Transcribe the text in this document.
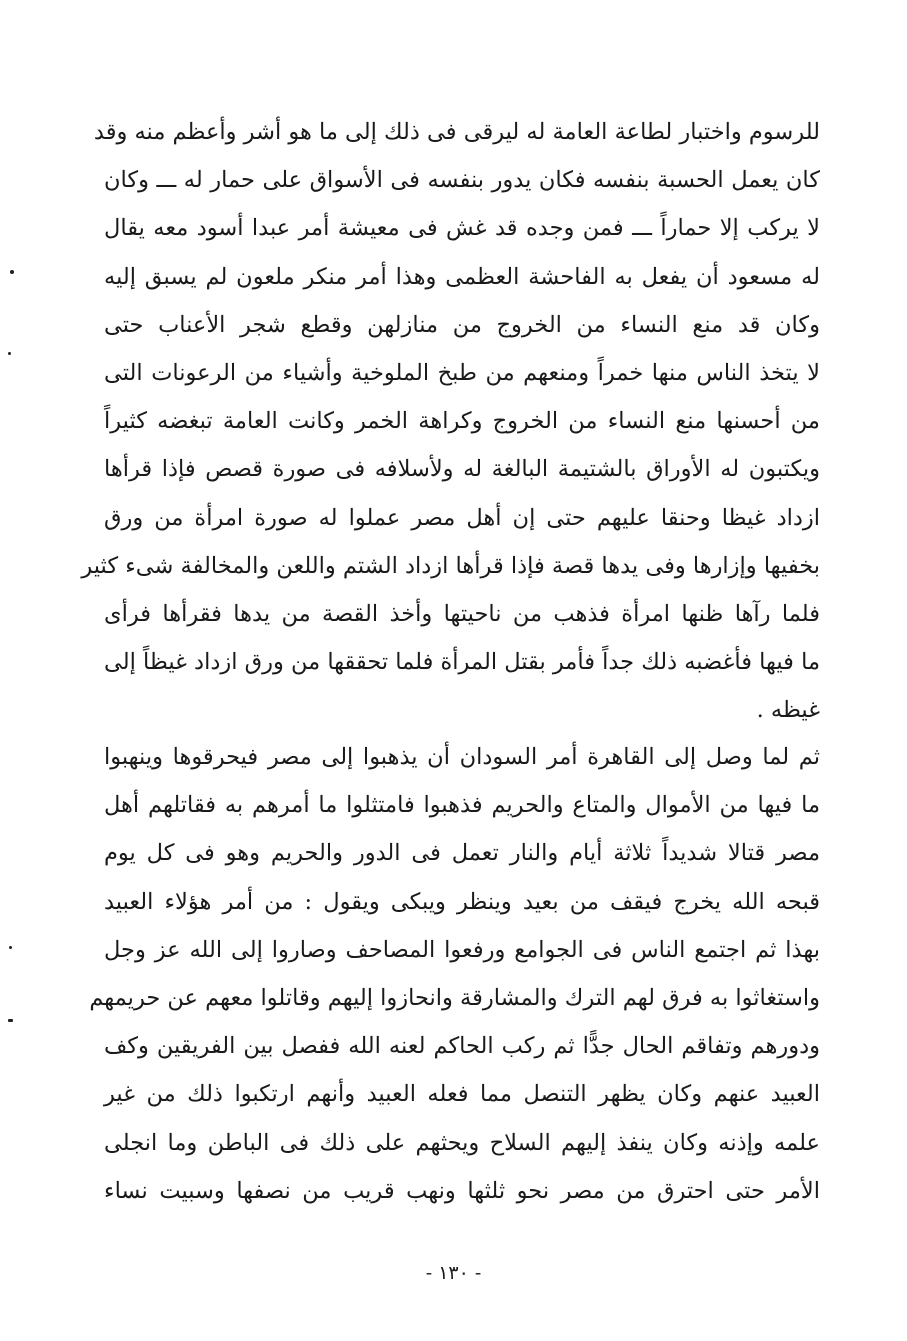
للرسوم واختبار لطاعة العامة له ليرقى فى ذلك إلى ما هو أشر وأعظم منه وقد
كان يعمل الحسبة بنفسه فكان يدور بنفسه فى الأسواق على حمار له ـــ وكان
لا يركب إلا حماراً ـــ فمن وجده قد غش فى معيشة أمر عبدا أسود معه يقال
له مسعود أن يفعل به الفاحشة العظمى وهذا أمر منكر ملعون لم يسبق إليه
وكان قد منع النساء من الخروج من منازلهن وقطع شجر الأعناب حتى
لا يتخذ الناس منها خمراً ومنعهم من طبخ الملوخية وأشياء من الرعونات التى
من أحسنها منع النساء من الخروج وكراهة الخمر وكانت العامة تبغضه كثيراً
ويكتبون له الأوراق بالشتيمة البالغة له ولأسلافه فى صورة قصص فإذا قرأها
ازداد غيظا وحنقا عليهم حتى إن أهل مصر عملوا له صورة امرأة من ورق
بخفيها وإزارها وفى يدها قصة فإذا قرأها ازداد الشتم واللعن والمخالفة شىء كثير
فلما رآها ظنها امرأة فذهب من ناحيتها وأخذ القصة من يدها فقرأها فرأى
ما فيها فأغضبه ذلك جداً فأمر بقتل المرأة فلما تحققها من ورق ازداد غيظاً إلى
غيظه .
ثم لما وصل إلى القاهرة أمر السودان أن يذهبوا إلى مصر فيحرقوها وينهبوا
ما فيها من الأموال والمتاع والحريم فذهبوا فامتثلوا ما أمرهم به فقاتلهم أهل
مصر قتالا شديداً ثلاثة أيام والنار تعمل فى الدور والحريم وهو فى كل يوم
قبحه الله يخرج فيقف من بعيد وينظر ويبكى ويقول : من أمر هؤلاء العبيد
بهذا ثم اجتمع الناس فى الجوامع ورفعوا المصاحف وصاروا إلى الله عز وجل
واستغاثوا به فرق لهم الترك والمشارقة وانحازوا إليهم وقاتلوا معهم عن حريمهم
ودورهم وتفاقم الحال جدًّا ثم ركب الحاكم لعنه الله ففصل بين الفريقين وكف
العبيد عنهم وكان يظهر التنصل مما فعله العبيد وأنهم ارتكبوا ذلك من غير
علمه وإذنه وكان ينفذ إليهم السلاح ويحثهم على ذلك فى الباطن وما انجلى
الأمر حتى احترق من مصر نحو ثلثها ونهب قريب من نصفها وسبيت نساء
- ١٣٠ -
